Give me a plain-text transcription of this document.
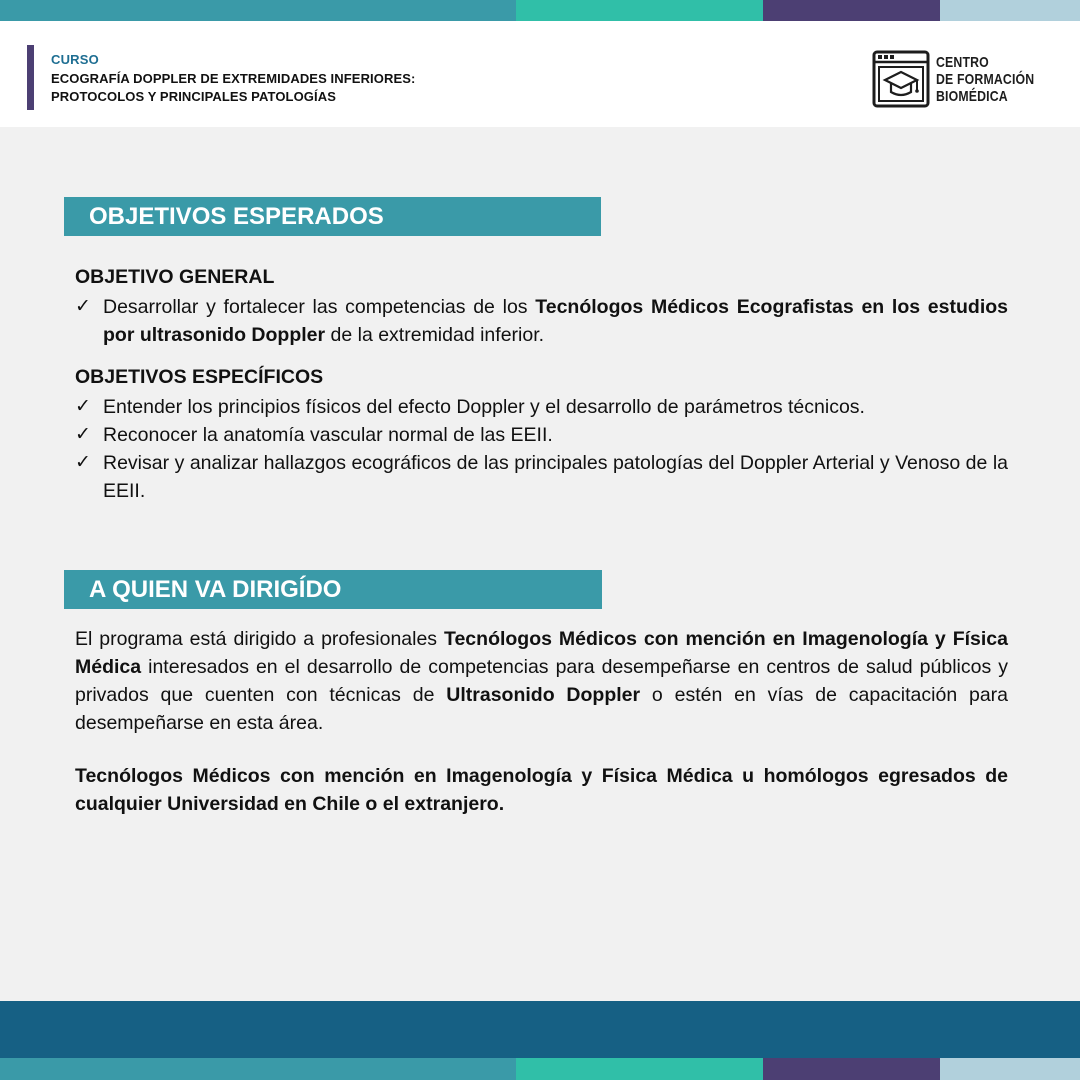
CURSO
ECOGRAFÍA DOPPLER DE EXTREMIDADES INFERIORES:
PROTOCOLOS Y PRINCIPALES PATOLOGÍAS
CENTRO
DE FORMACIÓN
BIOMÉDICA
OBJETIVOS ESPERADOS
OBJETIVO GENERAL
✓ Desarrollar y fortalecer las competencias de los Tecnólogos Médicos Ecografistas en los estudios por ultrasonido Doppler de la extremidad inferior.
OBJETIVOS ESPECÍFICOS
✓ Entender los principios físicos del efecto Doppler y el desarrollo de parámetros técnicos.
✓ Reconocer la anatomía vascular normal de las EEII.
✓ Revisar y analizar hallazgos ecográficos de las principales patologías del Doppler Arterial y Venoso de la EEII.
A QUIEN VA DIRIGÍDO
El programa está dirigido a profesionales Tecnólogos Médicos con mención en Imagenología y Física Médica interesados en el desarrollo de competencias para desempeñarse en centros de salud públicos y privados que cuenten con técnicas de Ultrasonido Doppler o estén en vías de capacitación para desempeñarse en esta área.
Tecnólogos Médicos con mención en Imagenología y Física Médica u homólogos egresados de cualquier Universidad en Chile o el extranjero.
